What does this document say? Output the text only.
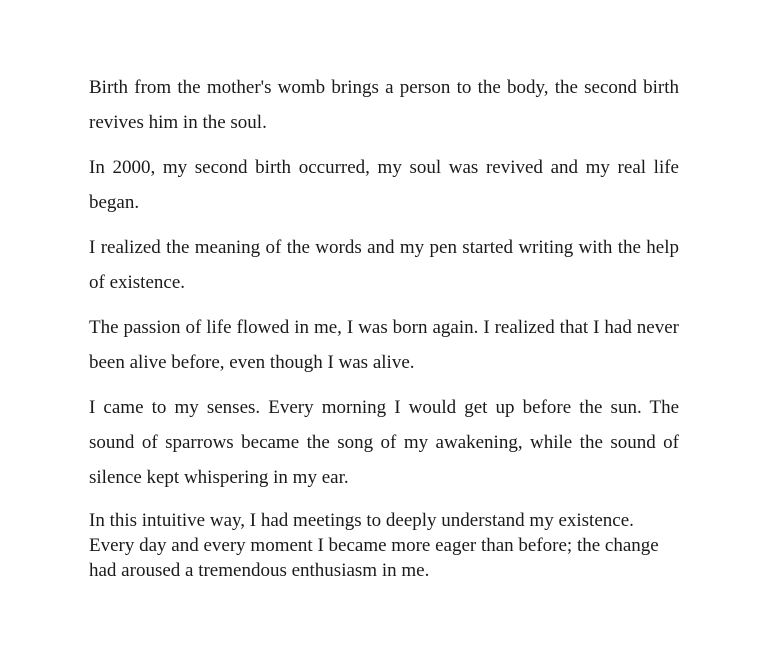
Birth from the mother's womb brings a person to the body, the second birth revives him in the soul.

In 2000, my second birth occurred, my soul was revived and my real life began.

I realized the meaning of the words and my pen started writing with the help of existence.

The passion of life flowed in me, I was born again. I realized that I had never been alive before, even though I was alive.

I came to my senses. Every morning I would get up before the sun. The sound of sparrows became the song of my awakening, while the sound of silence kept whispering in my ear.

In this intuitive way, I had meetings to deeply understand my existence. Every day and every moment I became more eager than before; the change had aroused a tremendous enthusiasm in me.
